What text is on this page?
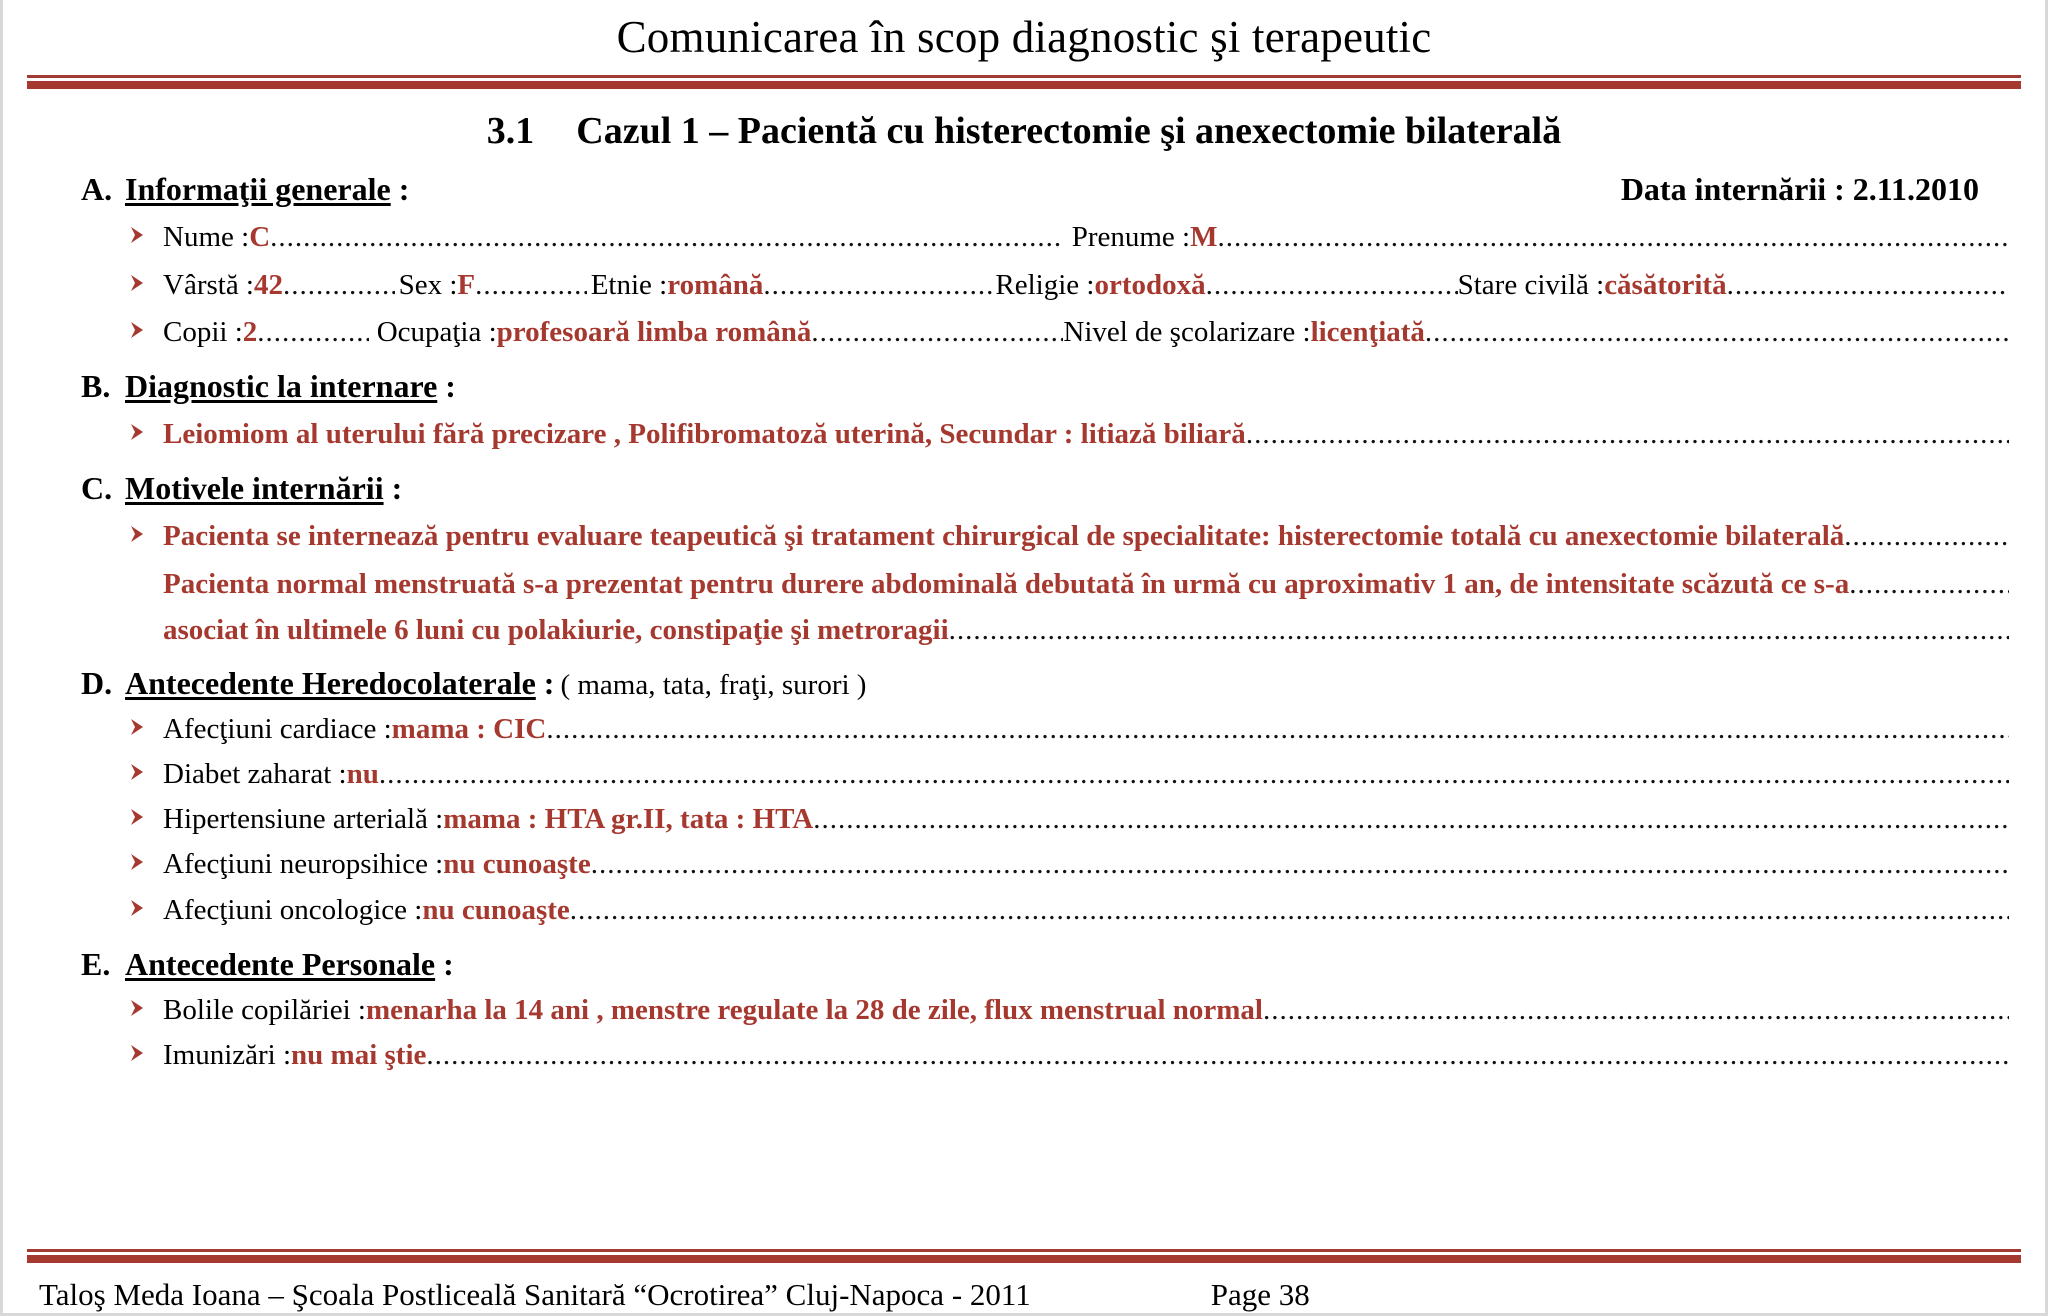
Comunicarea în scop diagnostic şi terapeutic
3.1 Cazul 1 – Pacientă cu histerectomie şi anexectomie bilaterală
A. Informaţii generale :	Data internării : 2.11.2010
Nume : C .....	Prenume : M
.....
Vârstă : 42 .....	Sex : F .....	Etnie : română .....	Religie : ortodoxă .....	Stare civilă : căsătorită
.....
Copii : 2 .....	Ocupaţia : profesoară limba română .....	Nivel de şcolarizare : licenţiată
.....
B. Diagnostic la internare :
Leiomiom al uterului fără precizare , Polifibromatoză uterină, Secundar : litiază biliară
.....
C. Motivele internării :
Pacienta se internează pentru evaluare teapeutică şi tratament chirurgical de specialitate: histerectomie totală cu anexectomie bilaterală
.....
Pacienta normal menstruată s-a prezentat pentru durere abdominală debutată în urmă cu aproximativ 1 an, de intensitate scăzută ce s-a
.....
asociat în ultimele 6 luni cu polakiurie, constipaţie şi metroragii
.....
D. Antecedente Heredocolaterale : ( mama, tata, fraţi, surori )
Afecţiuni cardiace : mama : CIC
.....
Diabet zaharat : nu
.....
Hipertensiune arterială : mama : HTA gr.II, tata : HTA
.....
Afecţiuni neuropsihice : nu cunoaşte
.....
Afecţiuni oncologice : nu cunoaşte
.....
E. Antecedente Personale :
Bolile copilăriei : menarha la 14 ani , menstre regulate la 28 de zile, flux menstrual normal
.....
Imunizări : nu mai ştie
.....
Taloş Meda Ioana – Şcoala Postliceală Sanitară “Ocrotirea” Cluj-Napoca - 2011	Page 38
